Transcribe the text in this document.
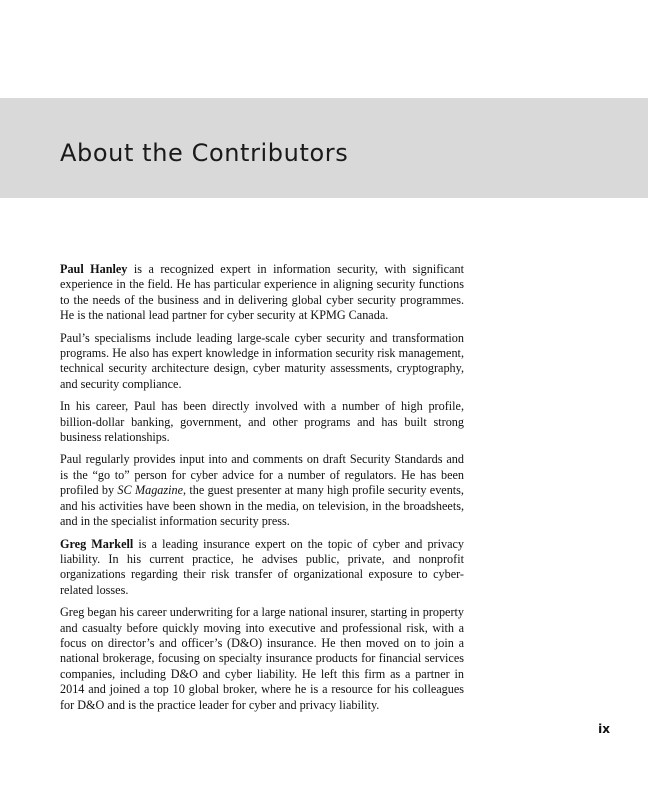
About the Contributors

Paul Hanley is a recognized expert in information security, with significant experience in the field. He has particular experience in aligning security functions to the needs of the business and in delivering global cyber security programmes. He is the national lead partner for cyber security at KPMG Canada.

Paul’s specialisms include leading large-scale cyber security and transformation programs. He also has expert knowledge in information security risk management, technical security architecture design, cyber maturity assessments, cryptography, and security compliance.

In his career, Paul has been directly involved with a number of high profile, billion-dollar banking, government, and other programs and has built strong business relationships.

Paul regularly provides input into and comments on draft Security Standards and is the “go to” person for cyber advice for a number of regulators. He has been profiled by SC Magazine, the guest presenter at many high profile security events, and his activities have been shown in the media, on television, in the broadsheets, and in the specialist information security press.

Greg Markell is a leading insurance expert on the topic of cyber and privacy liability. In his current practice, he advises public, private, and nonprofit organizations regarding their risk transfer of organizational exposure to cyber-related losses.

Greg began his career underwriting for a large national insurer, starting in property and casualty before quickly moving into executive and professional risk, with a focus on director’s and officer’s (D&O) insurance. He then moved on to join a national brokerage, focusing on specialty insurance products for financial services companies, including D&O and cyber liability. He left this firm as a partner in 2014 and joined a top 10 global broker, where he is a resource for his colleagues for D&O and is the practice leader for cyber and privacy liability.

ix
